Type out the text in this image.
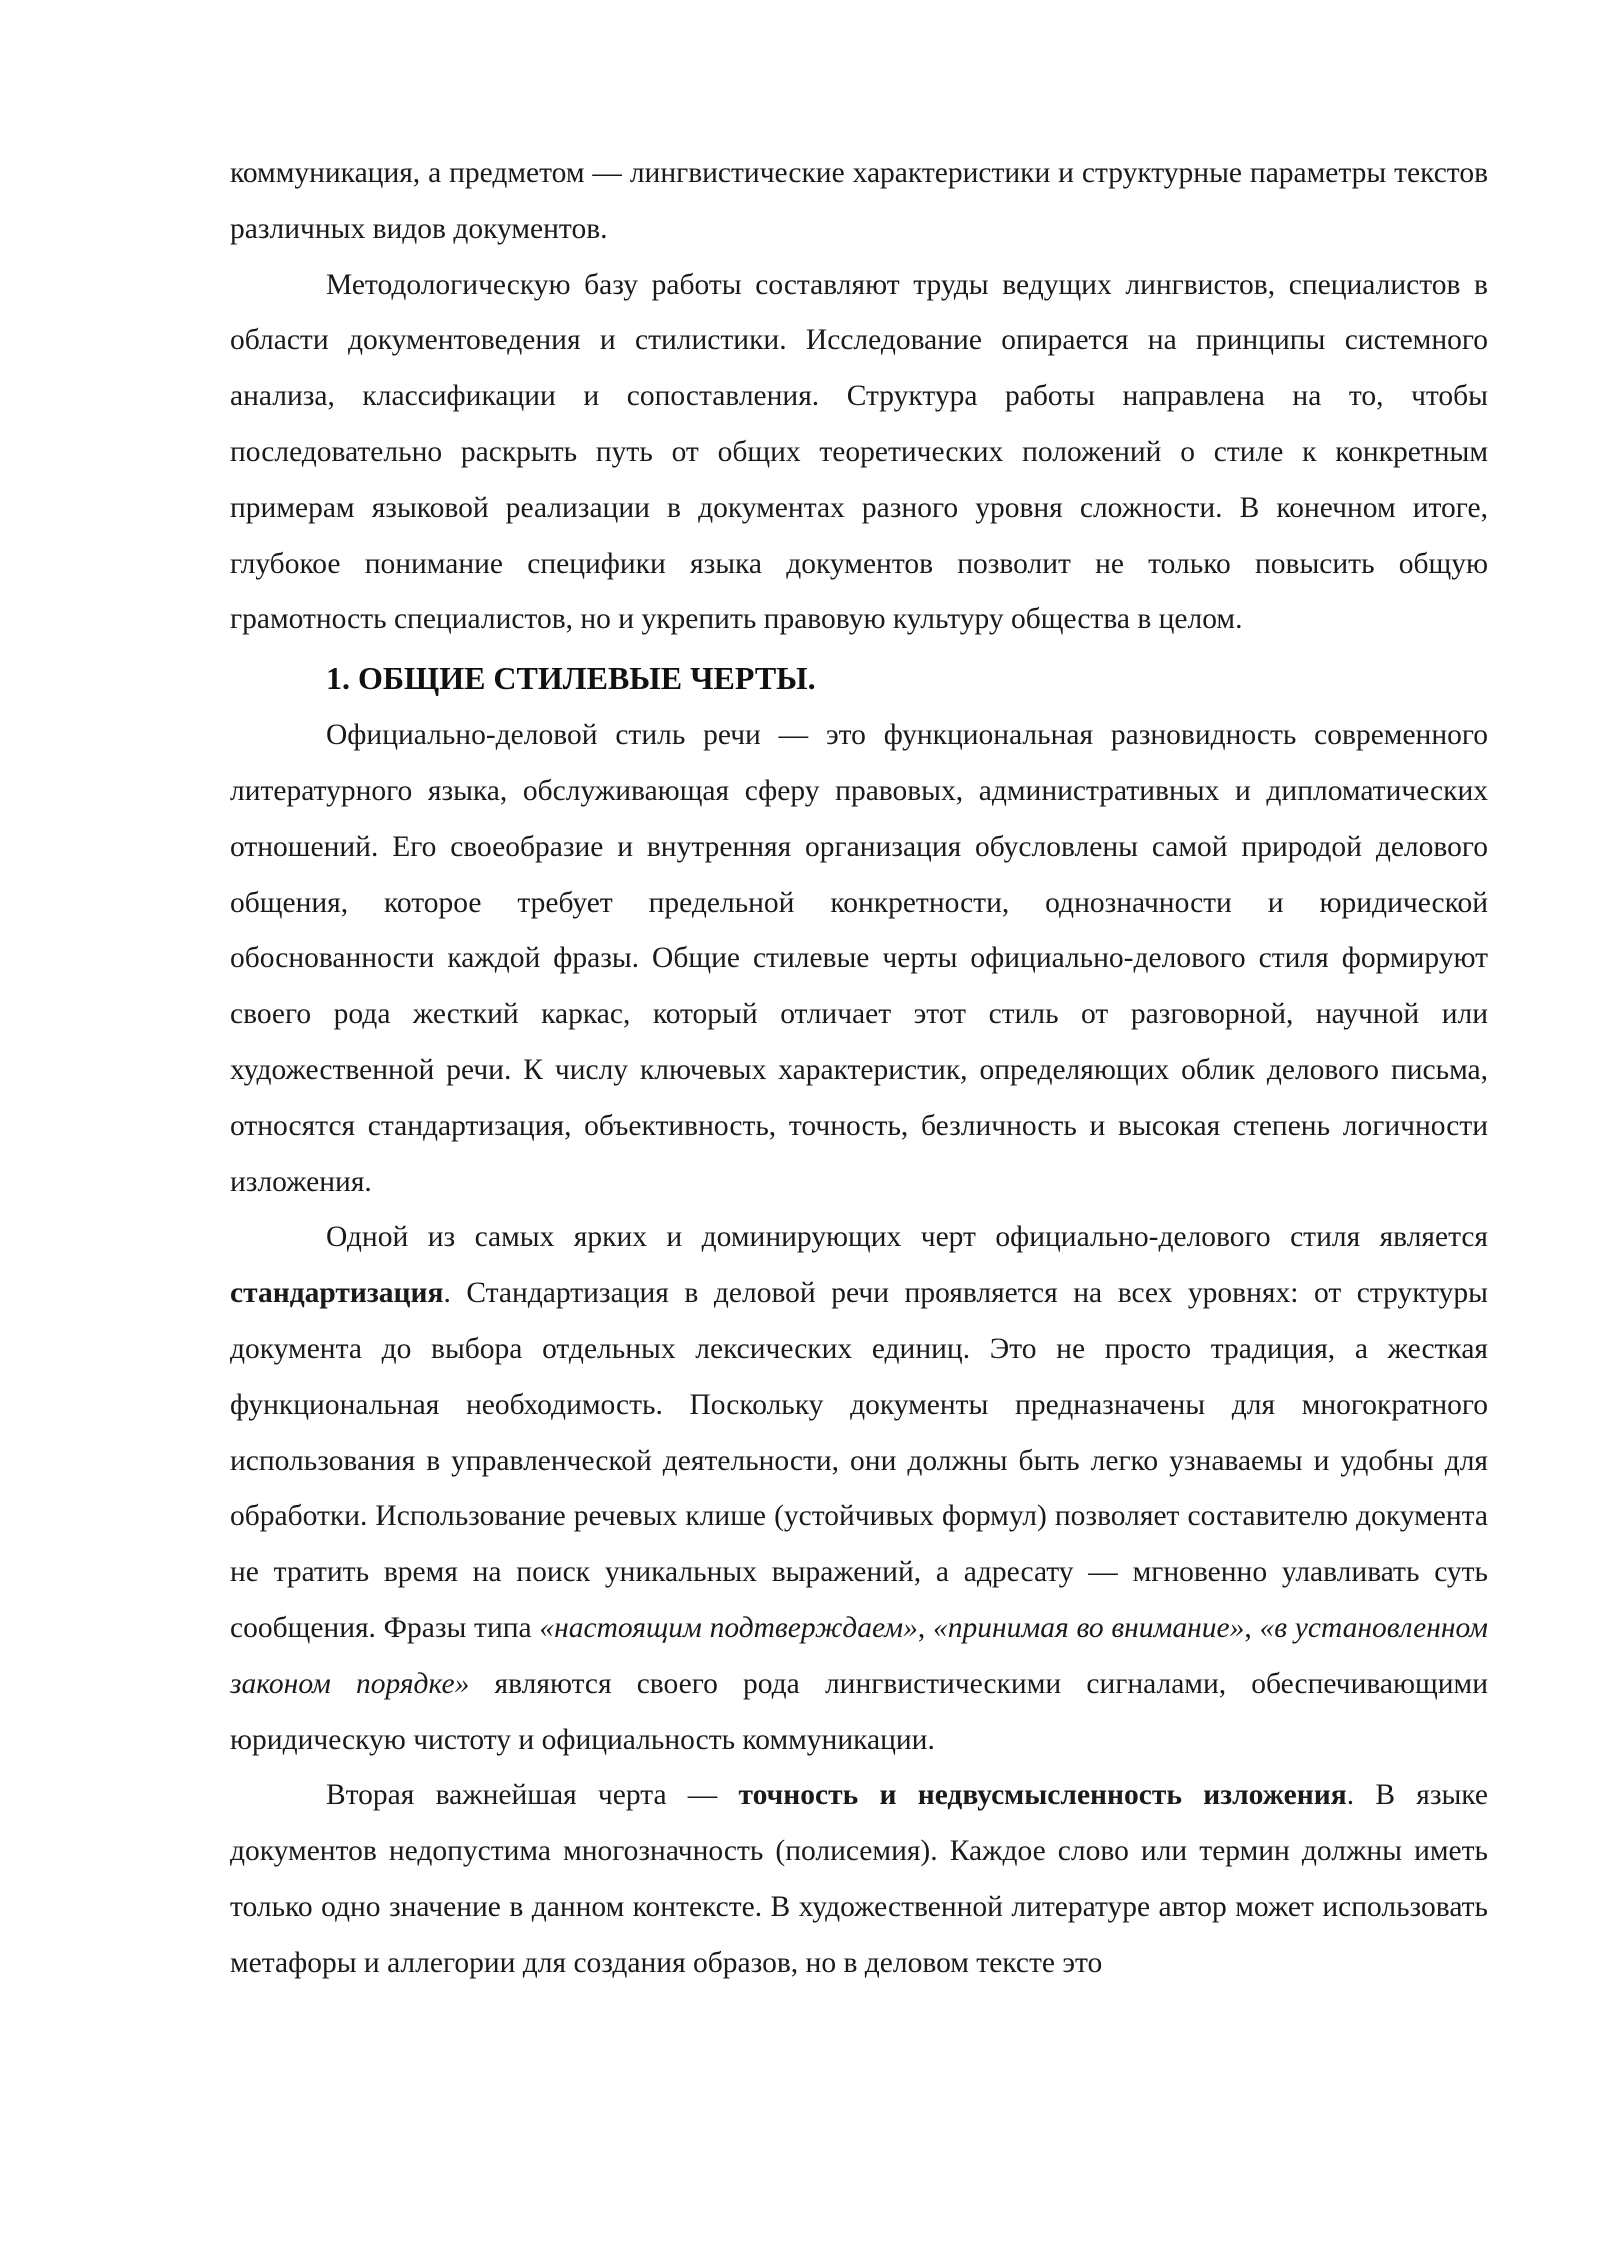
коммуникация, а предметом — лингвистические характеристики и структурные параметры текстов различных видов документов.

Методологическую базу работы составляют труды ведущих лингвистов, специалистов в области документоведения и стилистики. Исследование опирается на принципы системного анализа, классификации и сопоставления. Структура работы направлена на то, чтобы последовательно раскрыть путь от общих теоретических положений о стиле к конкретным примерам языковой реализации в документах разного уровня сложности. В конечном итоге, глубокое понимание специфики языка документов позволит не только повысить общую грамотность специалистов, но и укрепить правовую культуру общества в целом.

1. ОБЩИЕ СТИЛЕВЫЕ ЧЕРТЫ.

Официально-деловой стиль речи — это функциональная разновидность современного литературного языка, обслуживающая сферу правовых, административных и дипломатических отношений. Его своеобразие и внутренняя организация обусловлены самой природой делового общения, которое требует предельной конкретности, однозначности и юридической обоснованности каждой фразы. Общие стилевые черты официально-делового стиля формируют своего рода жесткий каркас, который отличает этот стиль от разговорной, научной или художественной речи. К числу ключевых характеристик, определяющих облик делового письма, относятся стандартизация, объективность, точность, безличность и высокая степень логичности изложения.

Одной из самых ярких и доминирующих черт официально-делового стиля является стандартизация. Стандартизация в деловой речи проявляется на всех уровнях: от структуры документа до выбора отдельных лексических единиц. Это не просто традиция, а жесткая функциональная необходимость. Поскольку документы предназначены для многократного использования в управленческой деятельности, они должны быть легко узнаваемы и удобны для обработки. Использование речевых клише (устойчивых формул) позволяет составителю документа не тратить время на поиск уникальных выражений, а адресату — мгновенно улавливать суть сообщения. Фразы типа «настоящим подтверждаем», «принимая во внимание», «в установленном законом порядке» являются своего рода лингвистическими сигналами, обеспечивающими юридическую чистоту и официальность коммуникации.

Вторая важнейшая черта — точность и недвусмысленность изложения. В языке документов недопустима многозначность (полисемия). Каждое слово или термин должны иметь только одно значение в данном контексте. В художественной литературе автор может использовать метафоры и аллегории для создания образов, но в деловом тексте это
